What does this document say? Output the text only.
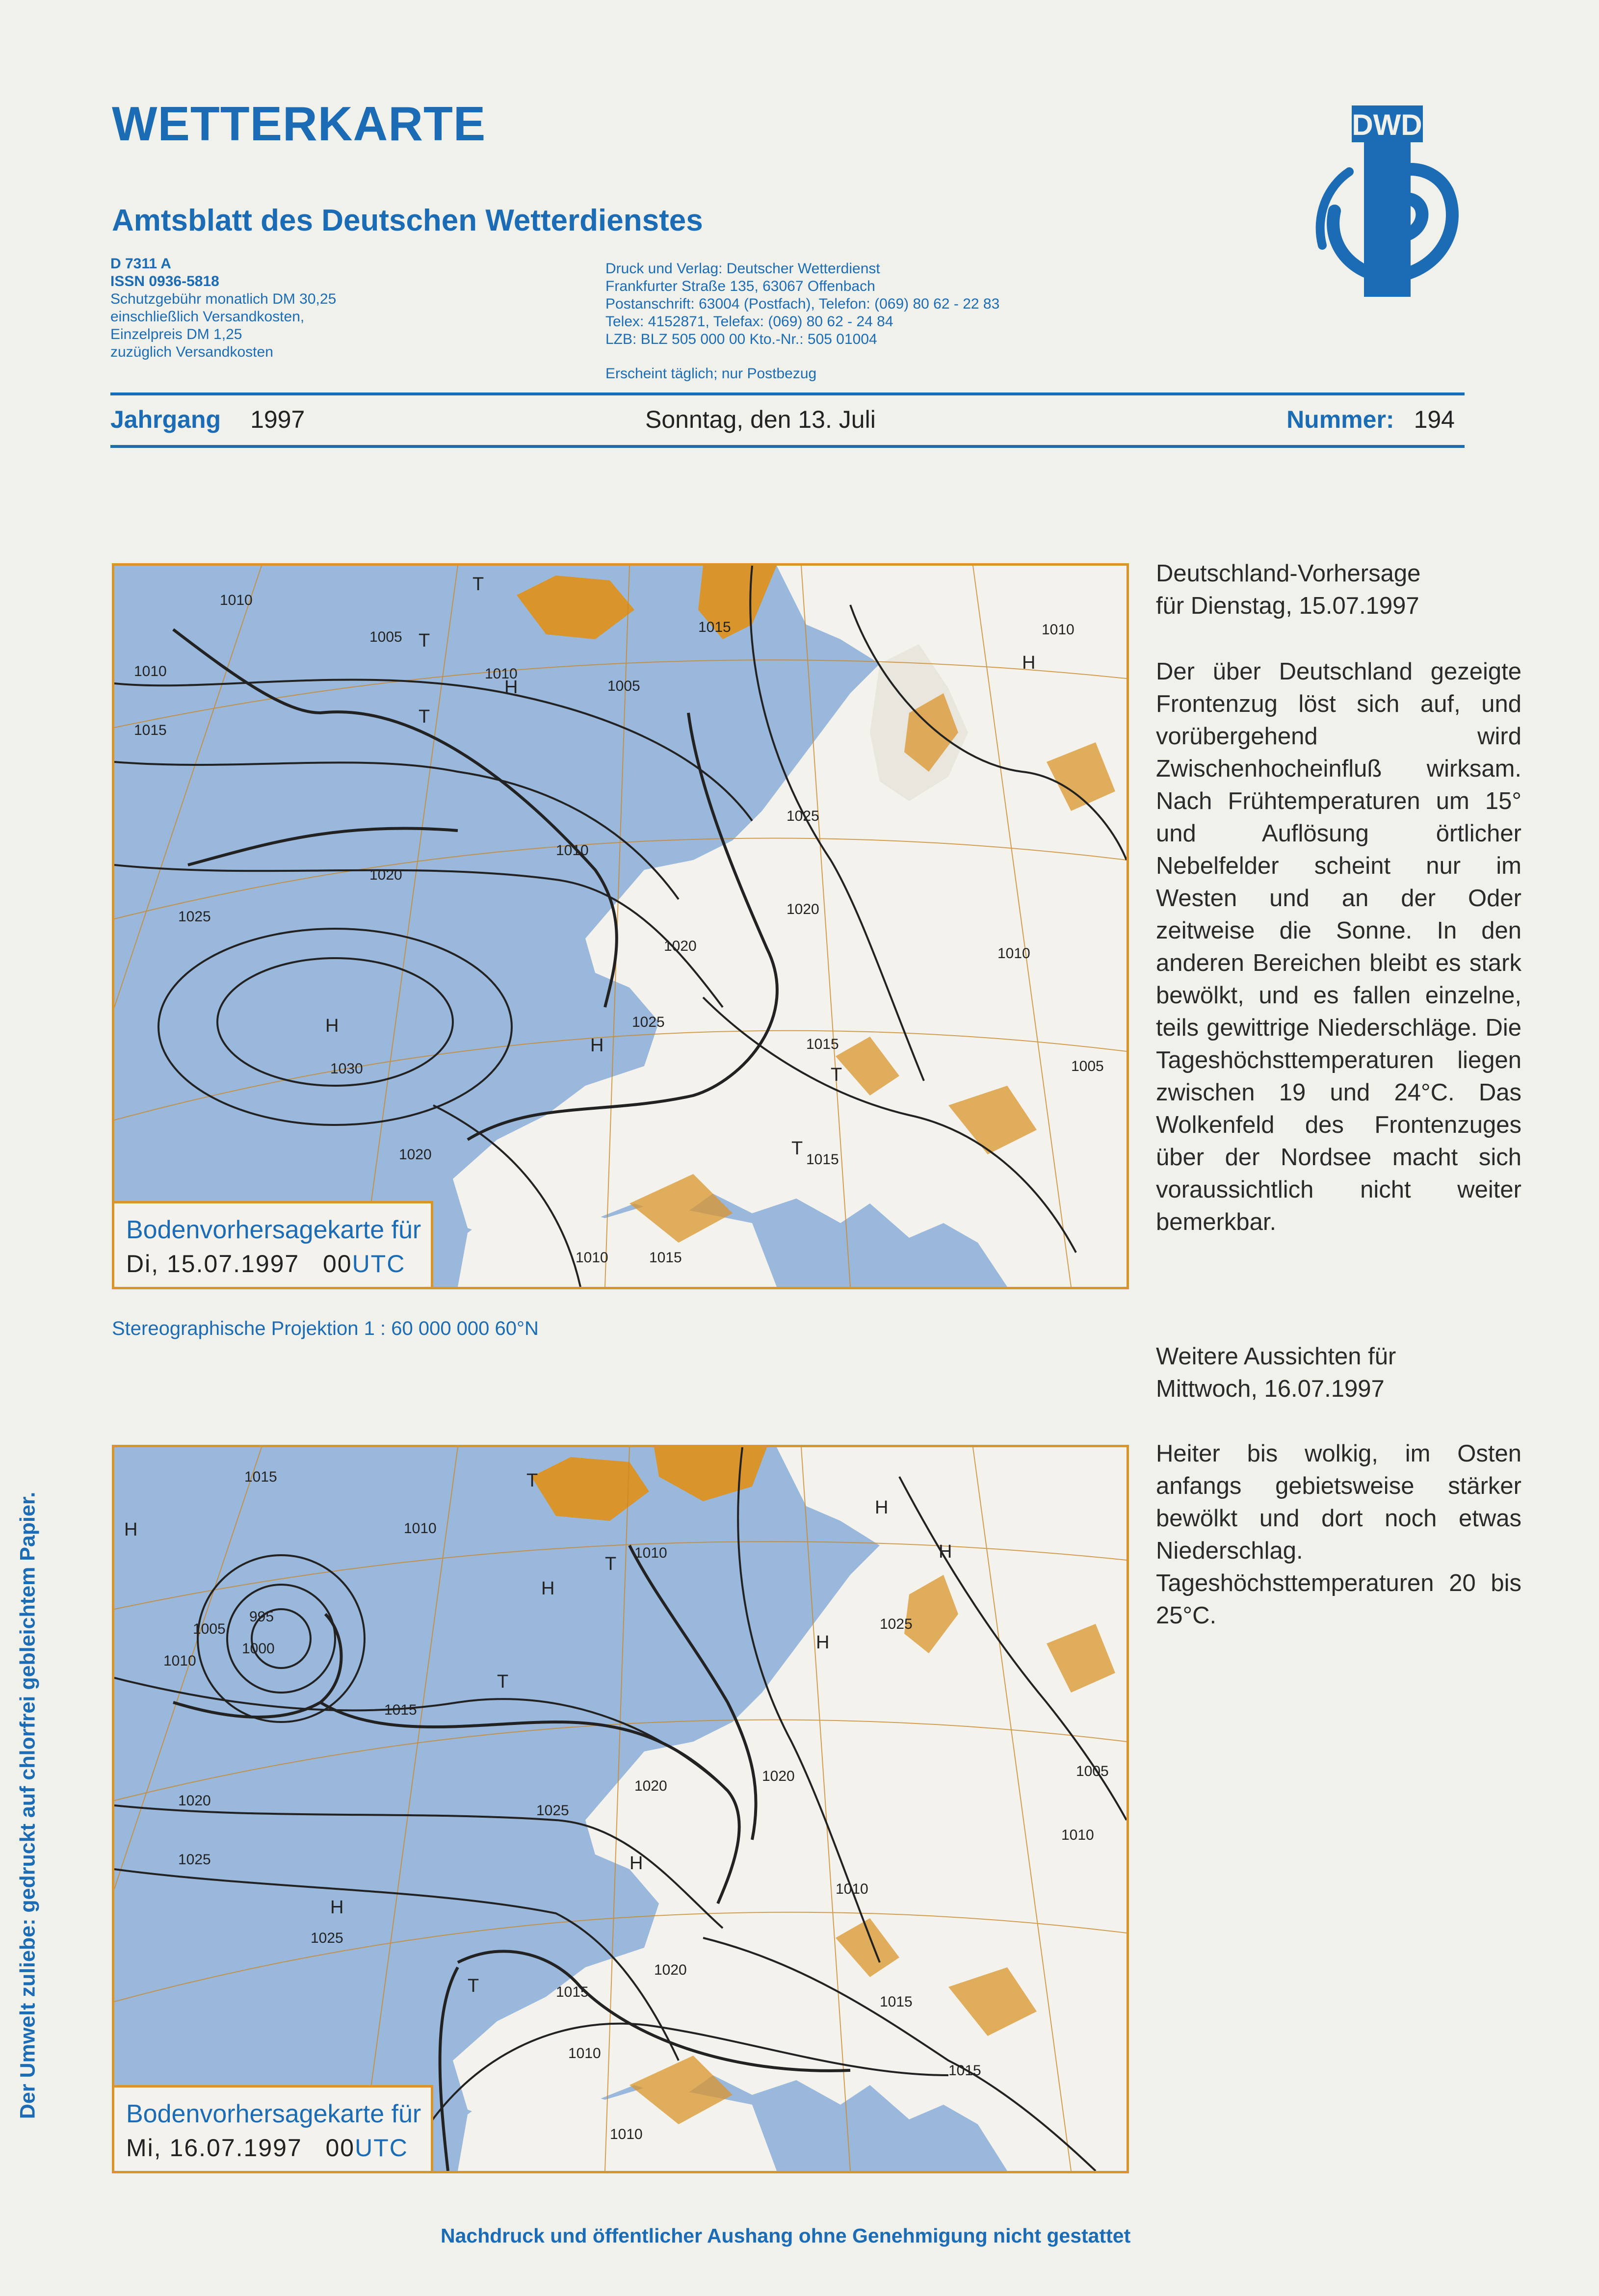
WETTERKARTE
Amtsblatt des Deutschen Wetterdienstes
D 7311 A
ISSN 0936-5818
Schutzgebühr monatlich DM 30,25
einschließlich Versandkosten,
Einzelpreis DM 1,25
zuzüglich Versandkosten
Druck und Verlag: Deutscher Wetterdienst
Frankfurter Straße 135, 63067 Offenbach
Postanschrift: 63004 (Postfach), Telefon: (069) 80 62 - 22 83
Telex: 4152871, Telefax: (069) 80 62 - 24 84
LZB: BLZ 505 000 00 Kto.-Nr.: 505 01004
Erscheint täglich; nur Postbezug
DWD
Jahrgang 1997	Sonntag, den 13. Juli	Nummer: 194
1010
1005
1010
1015
1010
1005
1015
1010
1020
1025
1020
1030
1025
1020
1015
1010
1015
1010
1025
1020
1005
1010
1015
H
H
H
H
T
T
T
T
T
Bodenvorhersagekarte für
Di, 15.07.1997 00UTC
Stereographische Projektion 1 : 60 000 000 60°N
1015
1010
1010
995
1005
1000
1010
1015
1020
1025
1025
1020
1020
1015
1010
1010
1015
1020
1025
1015
1010
1010
1025
1005
H
H
H
H
H
H
H
T
T
T
T
Bodenvorhersagekarte für
Mi, 16.07.1997 00UTC
Deutschland-Vorhersage
für Dienstag, 15.07.1997
Der über Deutschland gezeigte Frontenzug löst sich auf, und vorübergehend wird Zwischenhocheinfluß wirksam. Nach Frühtemperaturen um 15° und Auflösung örtlicher Nebelfelder scheint nur im Westen und an der Oder zeitweise die Sonne. In den anderen Bereichen bleibt es stark bewölkt, und es fallen einzelne, teils gewittrige Niederschläge. Die Tageshöchsttemperaturen liegen zwischen 19 und 24°C. Das Wolkenfeld des Frontenzuges über der Nordsee macht sich voraussichtlich nicht weiter bemerkbar.
Weitere Aussichten für
Mittwoch, 16.07.1997
Heiter bis wolkig, im Osten anfangs gebietsweise stärker bewölkt und dort noch etwas Niederschlag. Tageshöchsttemperaturen 20 bis 25°C.
Der Umwelt zuliebe: gedruckt auf chlorfrei gebleichtem Papier.
Nachdruck und öffentlicher Aushang ohne Genehmigung nicht gestattet
